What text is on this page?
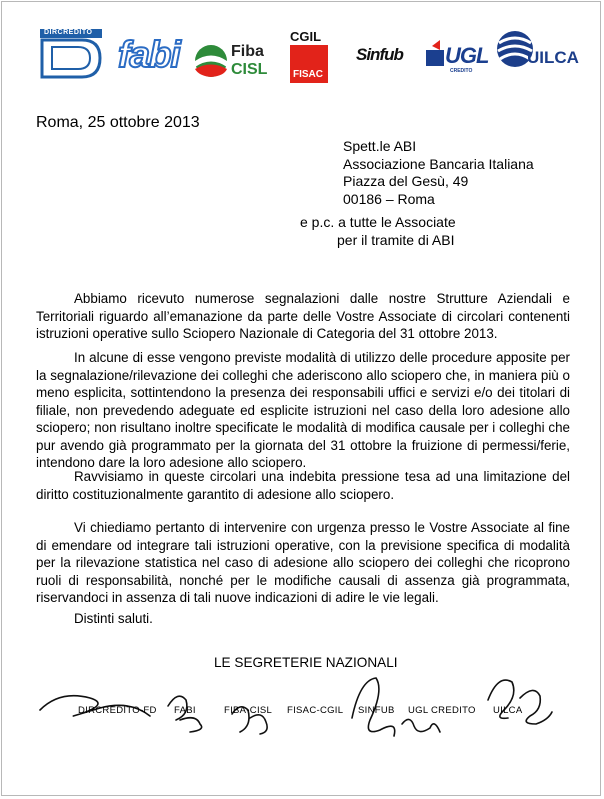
DIRCREDITO
fabi	Fiba
CISL
CGIL
FISAC
Sinfub UGL
CREDITO
UILCA
Roma, 25 ottobre 2013
Spett.le ABI
Associazione Bancaria Italiana
Piazza del Gesù, 49
00186 – Roma
e p.c. a tutte le Associate
per il tramite di ABI
Abbiamo ricevuto numerose segnalazioni dalle nostre Strutture Aziendali e Territoriali riguardo all’emanazione da parte delle Vostre Associate di circolari contenenti istruzioni operative sullo Sciopero Nazionale di Categoria del 31 ottobre 2013.
In alcune di esse vengono previste modalità di utilizzo delle procedure apposite per la segnalazione/rilevazione dei colleghi che aderiscono allo sciopero che, in maniera più o meno esplicita, sottintendono la presenza dei responsabili uffici e servizi e/o dei titolari di filiale, non prevedendo adeguate ed esplicite istruzioni nel caso della loro adesione allo sciopero; non risultano inoltre specificate le modalità di modifica causale per i colleghi che pur avendo già programmato per la giornata del 31 ottobre la fruizione di permessi/ferie, intendono dare la loro adesione allo sciopero.
Ravvisiamo in queste circolari una indebita pressione tesa ad una limitazione del diritto costituzionalmente garantito di adesione allo sciopero.
Vi chiediamo pertanto di intervenire con urgenza presso le Vostre Associate al fine di emendare od integrare tali istruzioni operative, con la previsione specifica di modalità per la rilevazione statistica nel caso di adesione allo sciopero dei colleghi che ricoprono ruoli di responsabilità, nonché per le modifiche causali di assenza già programmata, riservandoci in assenza di tali nuove indicazioni di adire le vie legali.
Distinti saluti.
LE SEGRETERIE NAZIONALI
DIRCREDITO-FD FABI	FIBA-CISL FISAC-CGIL SINFUB UGL CREDITO UILCA
